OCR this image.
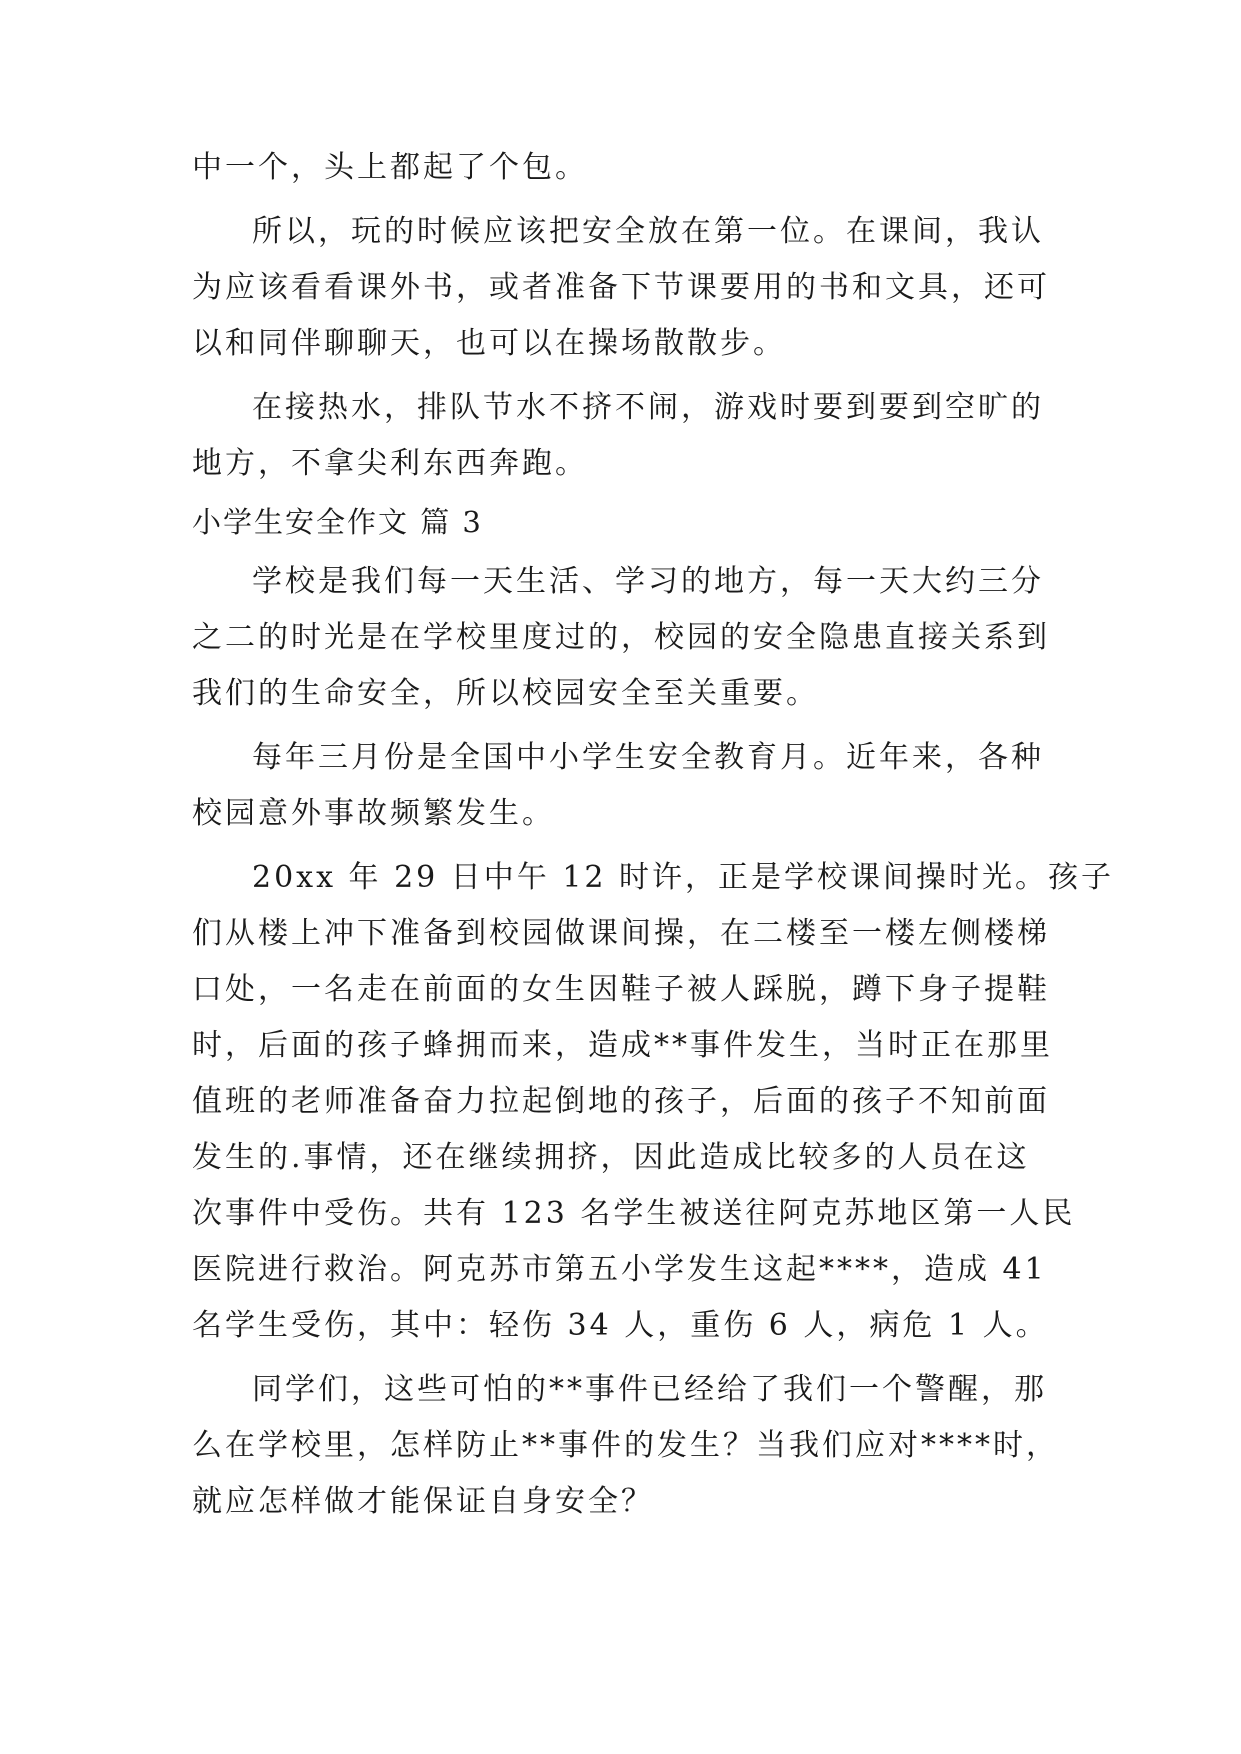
中一个，头上都起了个包。
所以，玩的时候应该把安全放在第一位。在课间，我认
为应该看看课外书，或者准备下节课要用的书和文具，还可
以和同伴聊聊天，也可以在操场散散步。
在接热水，排队节水不挤不闹，游戏时要到要到空旷的
地方，不拿尖利东西奔跑。
小学生安全作文 篇 3
学校是我们每一天生活、学习的地方，每一天大约三分
之二的时光是在学校里度过的，校园的安全隐患直接关系到
我们的生命安全，所以校园安全至关重要。
每年三月份是全国中小学生安全教育月。近年来，各种
校园意外事故频繁发生。
20xx 年 29 日中午 12 时许，正是学校课间操时光。孩子
们从楼上冲下准备到校园做课间操，在二楼至一楼左侧楼梯
口处，一名走在前面的女生因鞋子被人踩脱，蹲下身子提鞋
时，后面的孩子蜂拥而来，造成**事件发生，当时正在那里
值班的老师准备奋力拉起倒地的孩子，后面的孩子不知前面
发生的.事情，还在继续拥挤，因此造成比较多的人员在这
次事件中受伤。共有 123 名学生被送往阿克苏地区第一人民
医院进行救治。阿克苏市第五小学发生这起****，造成 41
名学生受伤，其中：轻伤 34 人，重伤 6 人，病危 1 人。
同学们，这些可怕的**事件已经给了我们一个警醒，那
么在学校里，怎样防止**事件的发生？当我们应对****时，
就应怎样做才能保证自身安全？
